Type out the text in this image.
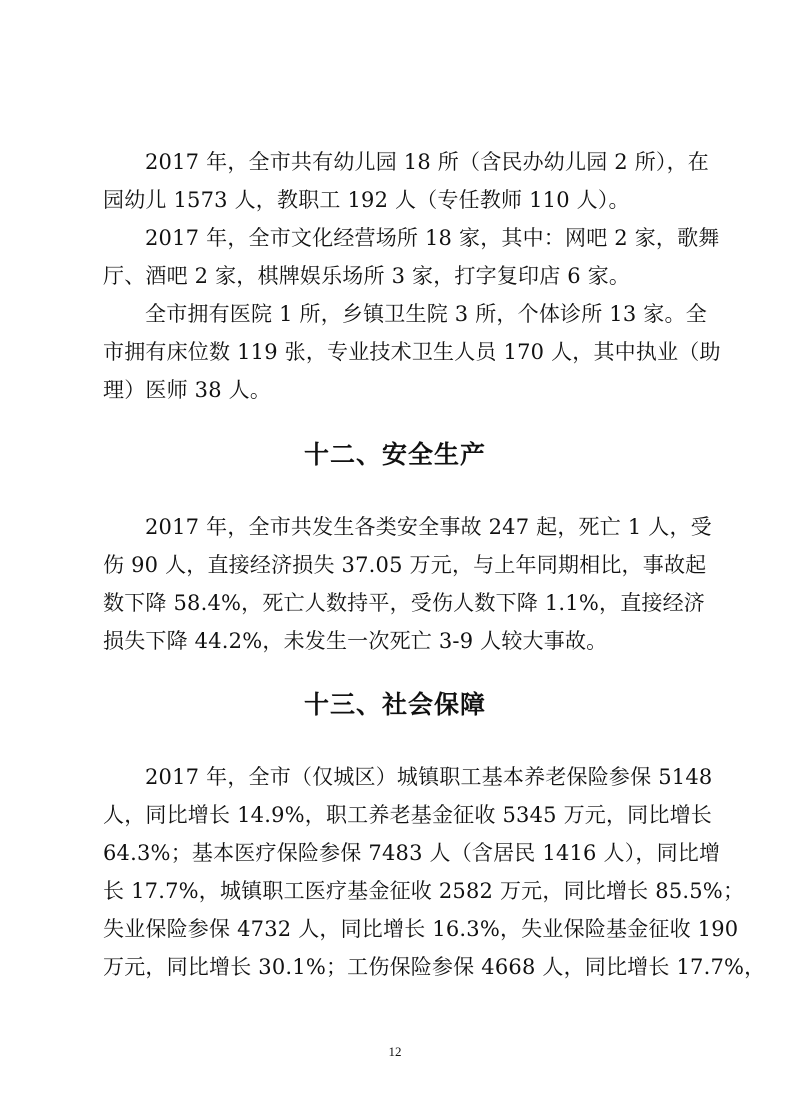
2017 年，全市共有幼儿园 18 所（含民办幼儿园 2 所），在

园幼儿 1573 人，教职工 192 人（专任教师 110 人）。

2017 年，全市文化经营场所 18 家，其中：网吧 2 家，歌舞

厅、酒吧 2 家，棋牌娱乐场所 3 家，打字复印店 6 家。

全市拥有医院 1 所，乡镇卫生院 3 所，个体诊所 13 家。全

市拥有床位数 119 张，专业技术卫生人员 170 人，其中执业（助

理）医师 38 人。

十二、安全生产

2017 年，全市共发生各类安全事故 247 起，死亡 1 人，受

伤 90 人，直接经济损失 37.05 万元，与上年同期相比，事故起

数下降 58.4%，死亡人数持平，受伤人数下降 1.1%，直接经济

损失下降 44.2%，未发生一次死亡 3-9 人较大事故。

十三、社会保障

2017 年，全市（仅城区）城镇职工基本养老保险参保 5148

人，同比增长 14.9%，职工养老基金征收 5345 万元，同比增长

64.3%；基本医疗保险参保 7483 人（含居民 1416 人），同比增

长 17.7%，城镇职工医疗基金征收 2582 万元，同比增长 85.5%；

失业保险参保 4732 人，同比增长 16.3%，失业保险基金征收 190

万元，同比增长 30.1%；工伤保险参保 4668 人，同比增长 17.7%，

12
